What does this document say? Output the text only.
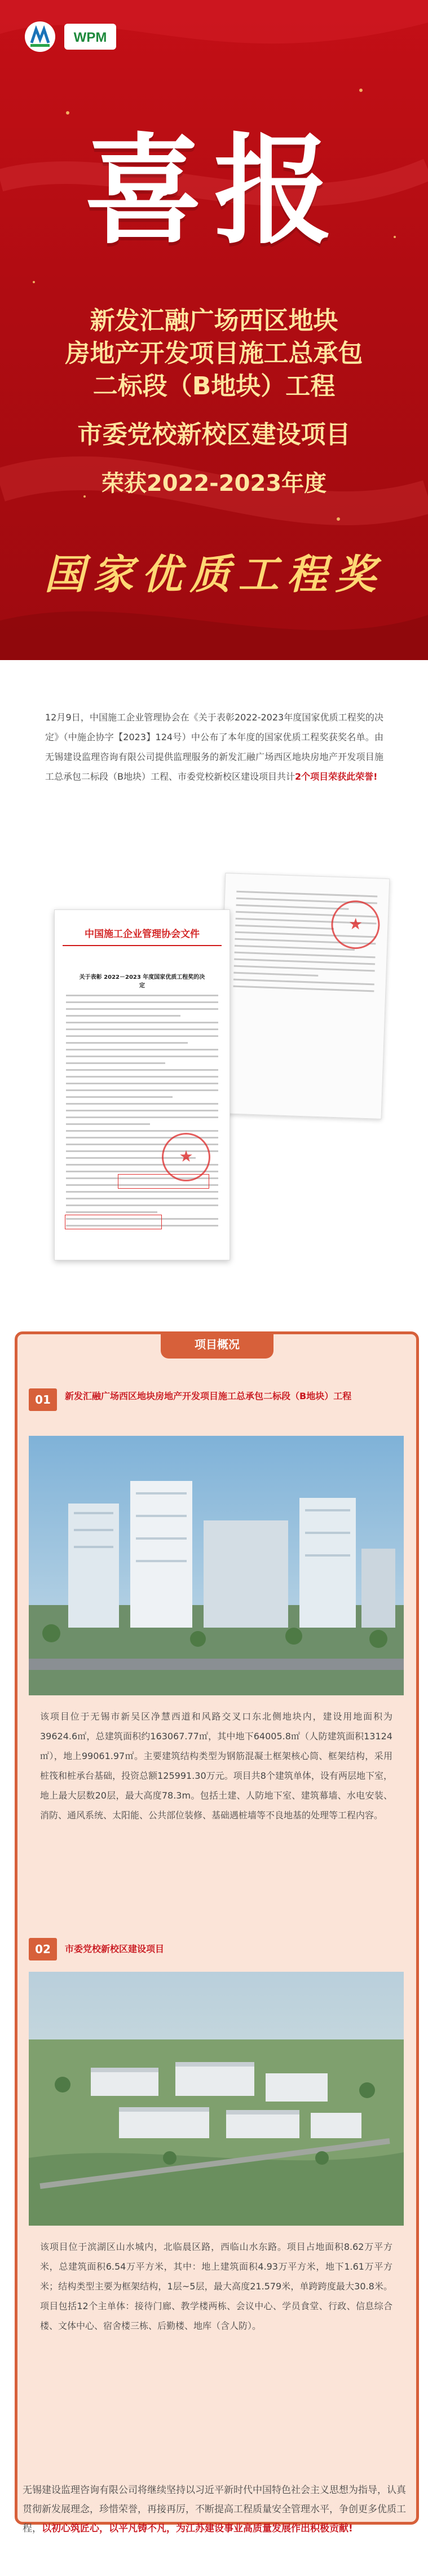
WPM
喜报
新发汇融广场西区地块
房地产开发项目施工总承包
二标段（B地块）工程
市委党校新校区建设项目
荣获2022-2023年度
国家优质工程奖

12月9日，中国施工企业管理协会在《关于表彰2022-2023年度国家优质工程奖的决定》（中施企协字【2023】124号）中公布了本年度的国家优质工程奖获奖名单。由无锡建设监理咨询有限公司提供监理服务的新发汇融广场西区地块房地产开发项目施工总承包二标段（B地块）工程、市委党校新校区建设项目共计2个项目荣获此荣誉!

★
中国施工企业管理协会文件
关于表彰 2022－2023 年度国家优质工程奖的决定
★
项目概况
01	新发汇融广场西区地块房地产开发项目施工总承包二标段（B地块）工程

该项目位于无锡市新吴区净慧西道和风路交叉口东北侧地块内，建设用地面积为39624.6㎡，总建筑面积约163067.77㎡，其中地下64005.8㎡（人防建筑面积13124㎡），地上99061.97㎡。主要建筑结构类型为钢筋混凝土框架核心筒、框架结构，采用桩筏和桩承台基础，投资总额125991.30万元。项目共8个建筑单体，设有两层地下室，地上最大层数20层，最大高度78.3m。包括土建、人防地下室、建筑幕墙、水电安装、消防、通风系统、太阳能、公共部位装修、基础遇桩墙等不良地基的处理等工程内容。

02	市委党校新校区建设项目

该项目位于滨湖区山水城内，北临晨区路，西临山水东路。项目占地面积8.62万平方米，总建筑面积6.54万平方米，其中：地上建筑面积4.93万平方米，地下1.61万平方米；结构类型主要为框架结构，1层~5层，最大高度21.579米，单跨跨度最大30.8米。项目包括12个主单体：接待门廊、教学楼两栋、会议中心、学员食堂、行政、信息综合楼、文体中心、宿舍楼三栋、后勤楼、地库（含人防）。

无锡建设监理咨询有限公司将继续坚持以习近平新时代中国特色社会主义思想为指导，认真贯彻新发展理念，珍惜荣誉，再接再厉，不断提高工程质量安全管理水平，争创更多优质工程，以初心筑匠心，以平凡铸不凡，为江苏建设事业高质量发展作出积极贡献!
